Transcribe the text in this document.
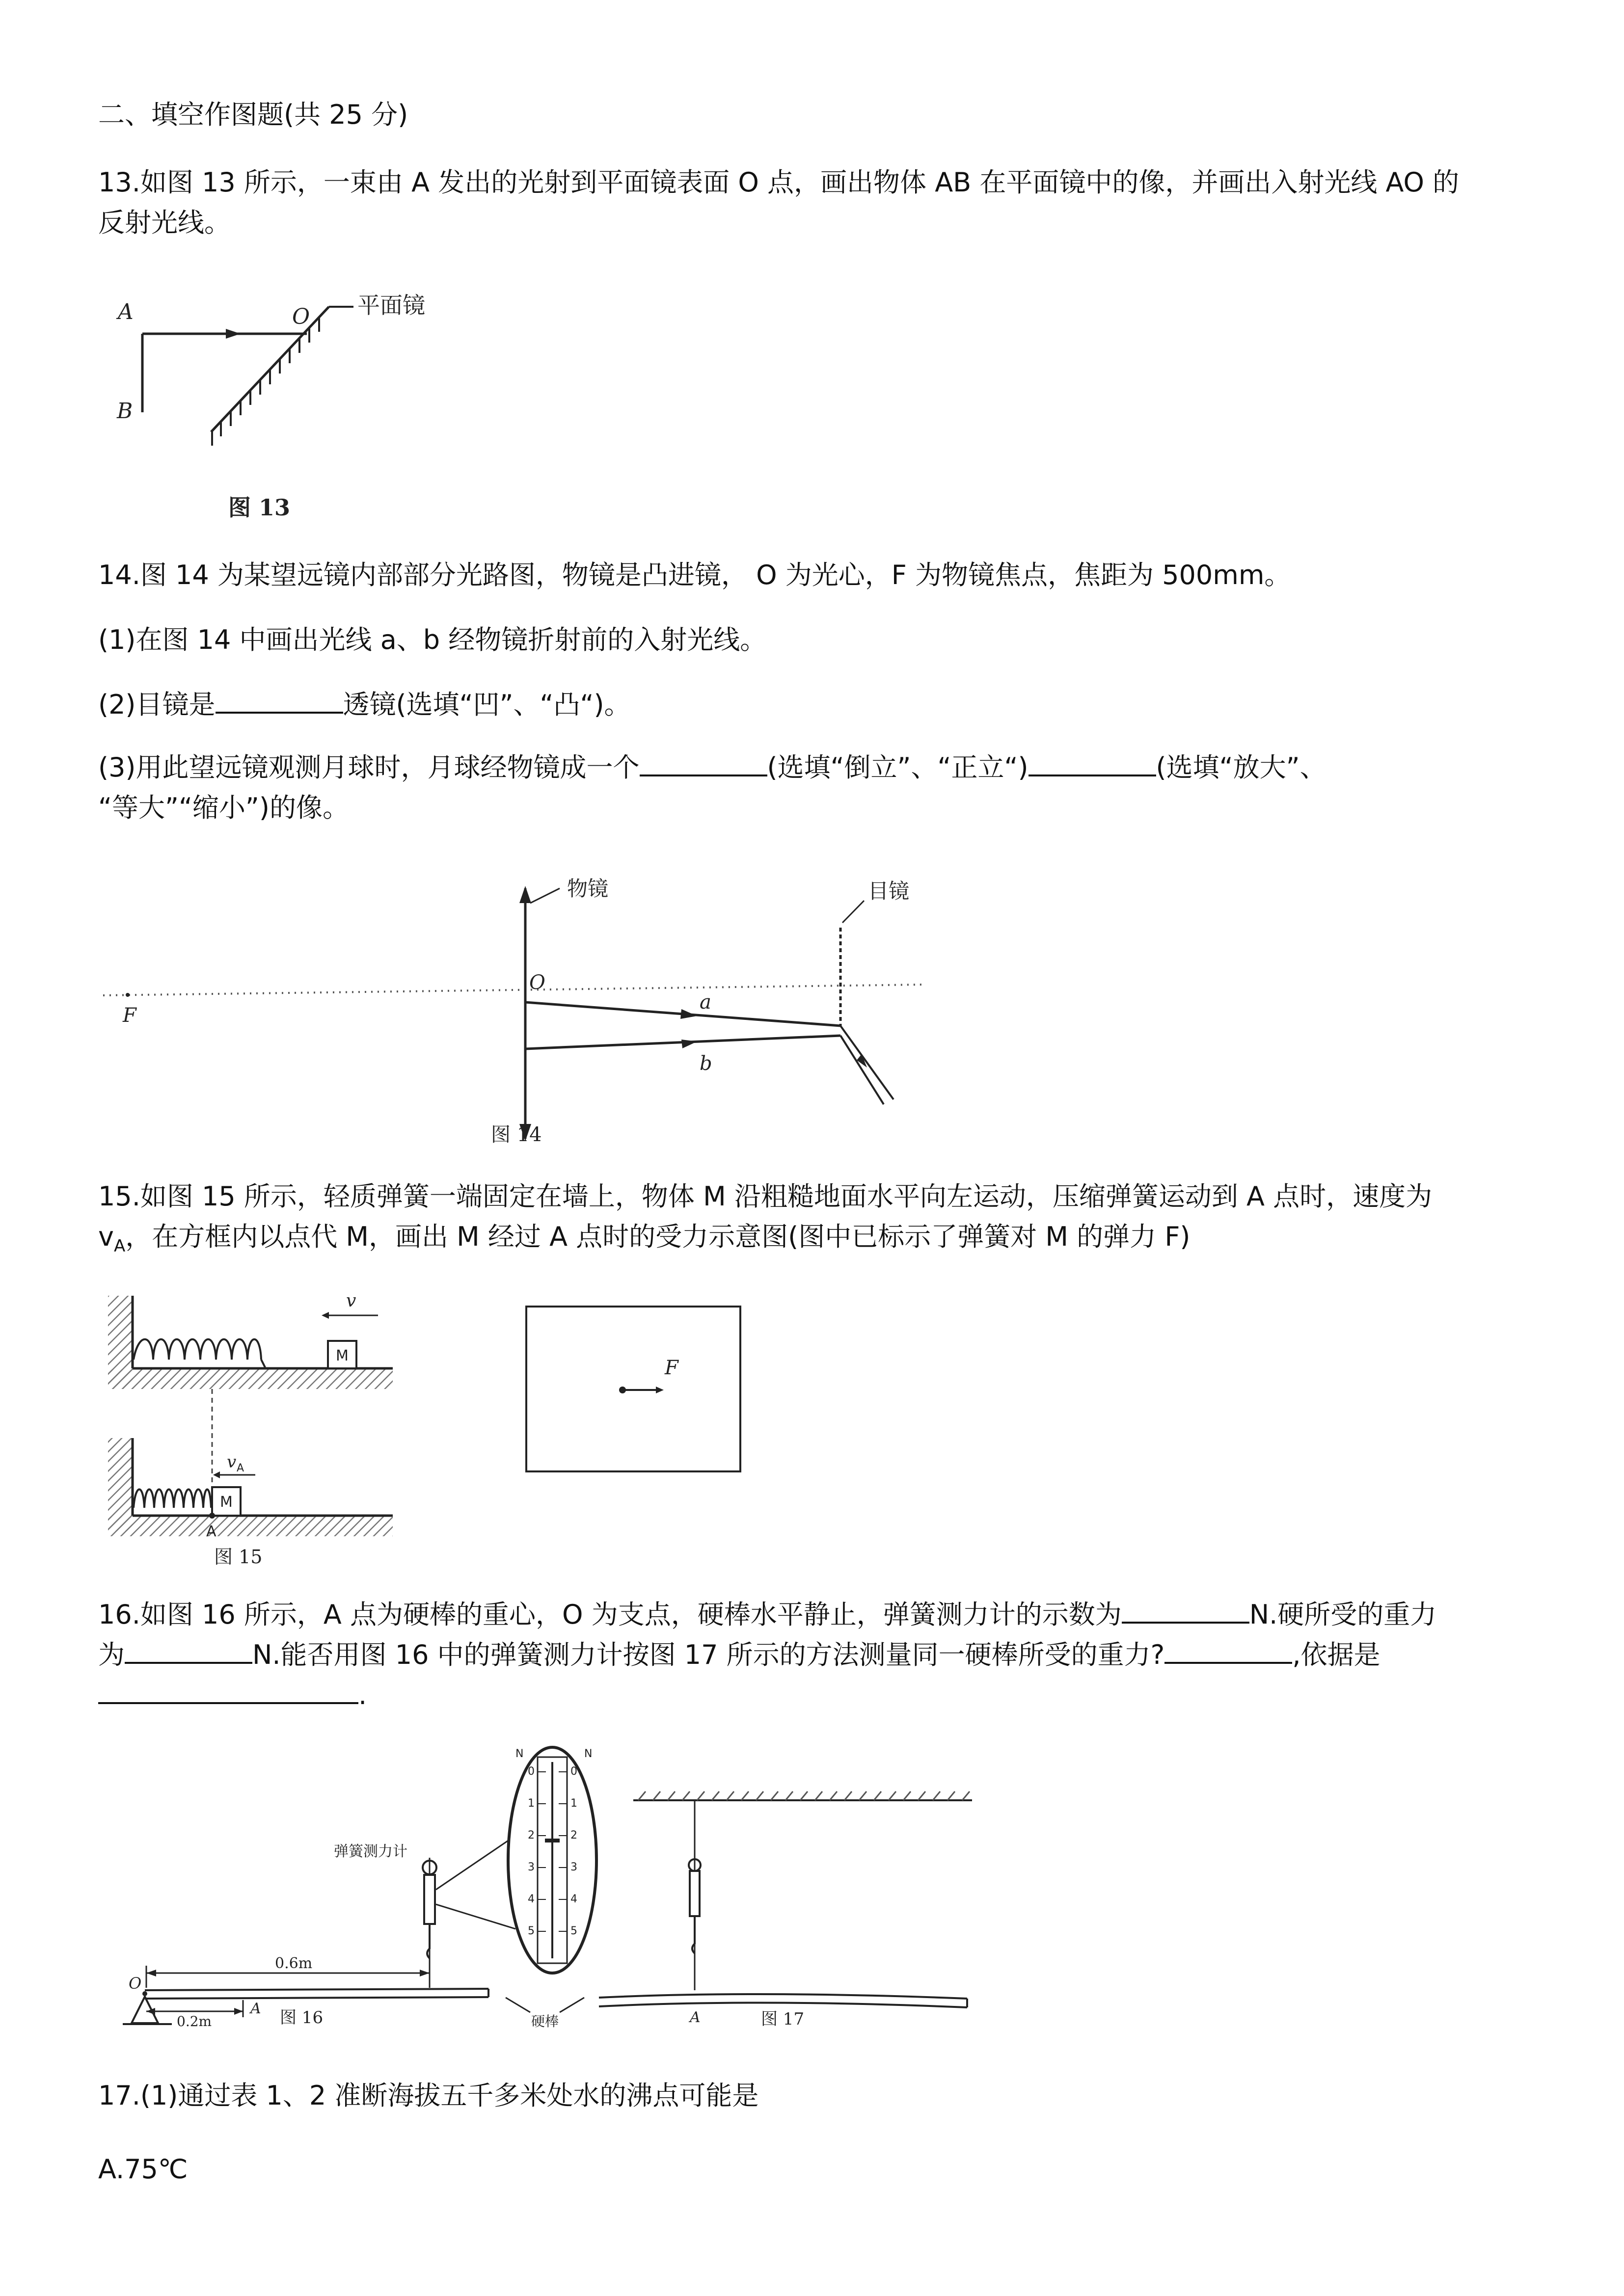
二、填空作图题(共 25 分)
13.如图 13 所示，一束由 A 发出的光射到平面镜表面 O 点，画出物体 AB 在平面镜中的像，并画出入射光线 AO 的
反射光线。
A
B
O 平面镜
图 13
14.图 14 为某望远镜内部部分光路图，物镜是凸进镜， O 为光心，F 为物镜焦点，焦距为 500mm。
(1)在图 14 中画出光线 a、b 经物镜折射前的入射光线。
(2)目镜是	透镜(选填“凹”、“凸“)。
(3)用此望远镜观测月球时，月球经物镜成一个	(选填“倒立”、“正立“)	(选填“放大”、
“等大”“缩小”)的像。
O
F
a
b
物镜	目镜
图 14
15.如图 15 所示，轻质弹簧一端固定在墙上，物体 M 沿粗糙地面水平向左运动，压缩弹簧运动到 A 点时，速度为
$v_A$，在方框内以点代 M，画出 M 经过 A 点时的受力示意图(图中已标示了弹簧对 M 的弹力 F)
M
v
M
v A
A
图 15
F
16.如图 16 所示，A 点为硬棒的重心，O 为支点，硬棒水平静止，弹簧测力计的示数为	N.硬所受的重力
为	N.能否用图 16 中的弹簧测力计按图 17 所示的方法测量同一硬棒所受的重力?	,依据是
.
0.6m
0.2m
A
O
弹簧测力计
N	N
0
1
2
3
4
5
0
1
2
3
4
5
硬棒	A
图 16	图 17
17.(1)通过表 1、2 准断海拔五千多米处水的沸点可能是
A.75℃
